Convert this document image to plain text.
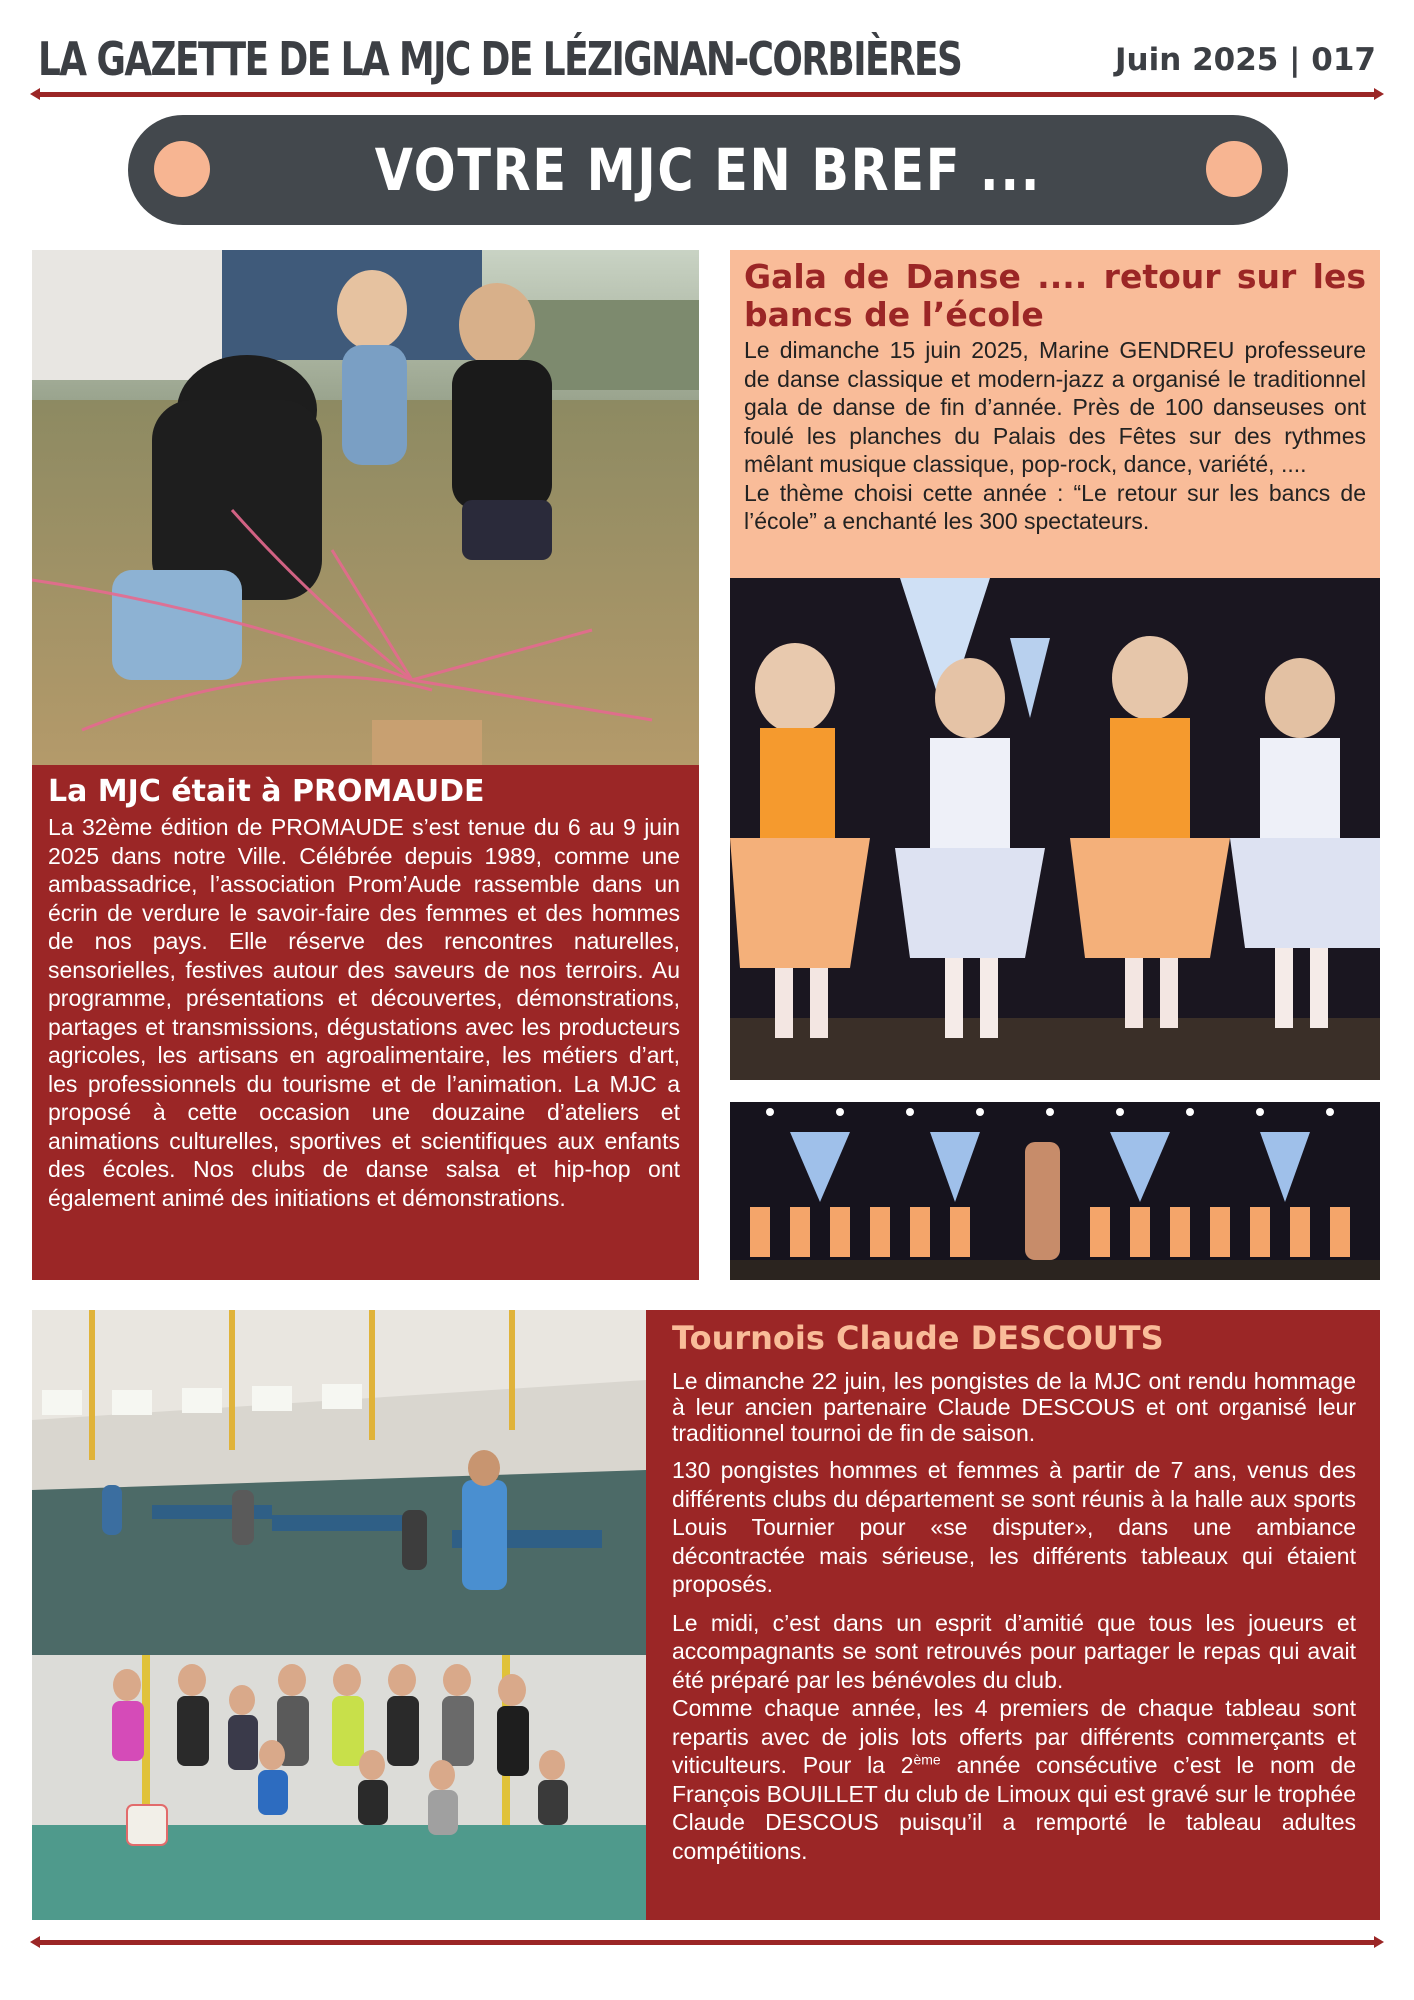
LA GAZETTE DE LA MJC DE LÉZIGNAN-CORBIÈRES	Juin 2025 | 017
VOTRE MJC EN BREF ...
La MJC était à PROMAUDE
La 32ème édition de PROMAUDE s’est tenue du 6 au 9 juin 2025 dans notre Ville. Célébrée depuis 1989, comme une ambassadrice, l’association Prom’Aude rassemble dans un écrin de verdure le savoir-faire des femmes et des hommes de nos pays. Elle réserve des rencontres naturelles, sensorielles, festives autour des saveurs de nos terroirs. Au programme, présentations et découvertes, démonstrations, partages et transmissions, dégustations avec les producteurs agricoles, les artisans en agroalimentaire, les métiers d’art, les professionnels du tourisme et de l’animation. La MJC a proposé à cette occasion une douzaine d’ateliers et animations culturelles, sportives et scientifiques aux enfants des écoles. Nos clubs de danse salsa et hip-hop ont également animé des initiations et démonstrations.
Gala de Danse .... retour sur les bancs de l’école

Le dimanche 15 juin 2025, Marine GENDREU professeure de danse classique et modern-jazz a organisé le traditionnel gala de danse de fin d’année. Près de 100 danseuses ont foulé les planches du Palais des Fêtes sur des rythmes mêlant musique classique, pop-rock, dance, variété, ....

Le thème choisi cette année : “Le retour sur les bancs de l’école” a enchanté les 300 spectateurs.

Tournois Claude DESCOUTS

Le dimanche 22 juin, les pongistes de la MJC ont rendu hommage à leur ancien partenaire Claude DESCOUS et ont organisé leur traditionnel tournoi de fin de saison.

130 pongistes hommes et femmes à partir de 7 ans, venus des différents clubs du département se sont réunis à la halle aux sports Louis Tournier pour «se disputer», dans une ambiance décontractée mais sérieuse, les différents tableaux qui étaient proposés.

Le midi, c’est dans un esprit d’amitié que tous les joueurs et accompagnants se sont retrouvés pour partager le repas qui avait été préparé par les bénévoles du club.

Comme chaque année, les 4 premiers de chaque tableau sont repartis avec de jolis lots offerts par différents commerçants et viticulteurs. Pour la 2ème année consécutive c’est le nom de François BOUILLET du club de Limoux qui est gravé sur le trophée Claude DESCOUS puisqu’il a remporté le tableau adultes compétitions.
